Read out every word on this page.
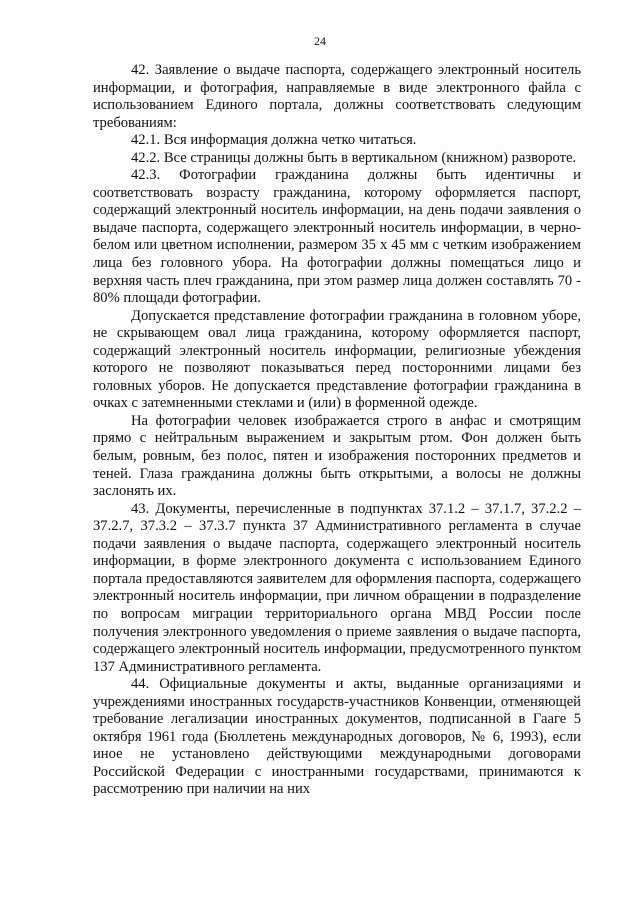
24

42. Заявление о выдаче паспорта, содержащего электронный носитель информации, и фотография, направляемые в виде электронного файла с использованием Единого портала, должны соответствовать следующим требованиям:

42.1. Вся информация должна четко читаться.

42.2. Все страницы должны быть в вертикальном (книжном) развороте.

42.3. Фотографии гражданина должны быть идентичны и соответствовать возрасту гражданина, которому оформляется паспорт, содержащий электронный носитель информации, на день подачи заявления о выдаче паспорта, содержащего электронный носитель информации, в черно-белом или цветном исполнении, размером 35 х 45 мм с четким изображением лица без головного убора. На фотографии должны помещаться лицо и верхняя часть плеч гражданина, при этом размер лица должен составлять 70 - 80% площади фотографии.

Допускается представление фотографии гражданина в головном уборе, не скрывающем овал лица гражданина, которому оформляется паспорт, содержащий электронный носитель информации, религиозные убеждения которого не позволяют показываться перед посторонними лицами без головных уборов. Не допускается представление фотографии гражданина в очках с затемненными стеклами и (или) в форменной одежде.

На фотографии человек изображается строго в анфас и смотрящим прямо с нейтральным выражением и закрытым ртом. Фон должен быть белым, ровным, без полос, пятен и изображения посторонних предметов и теней. Глаза гражданина должны быть открытыми, а волосы не должны заслонять их.

43. Документы, перечисленные в подпунктах 37.1.2 – 37.1.7, 37.2.2 – 37.2.7, 37.3.2 – 37.3.7 пункта 37 Административного регламента в случае подачи заявления о выдаче паспорта, содержащего электронный носитель информации, в форме электронного документа с использованием Единого портала предоставляются заявителем для оформления паспорта, содержащего электронный носитель информации, при личном обращении в подразделение по вопросам миграции территориального органа МВД России после получения электронного уведомления о приеме заявления о выдаче паспорта, содержащего электронный носитель информации, предусмотренного пунктом 137 Административного регламента.

44. Официальные документы и акты, выданные организациями и учреждениями иностранных государств-участников Конвенции, отменяющей требование легализации иностранных документов, подписанной в Гааге 5 октября 1961 года (Бюллетень международных договоров, № 6, 1993), если иное не установлено действующими международными договорами Российской Федерации с иностранными государствами, принимаются к рассмотрению при наличии на них
